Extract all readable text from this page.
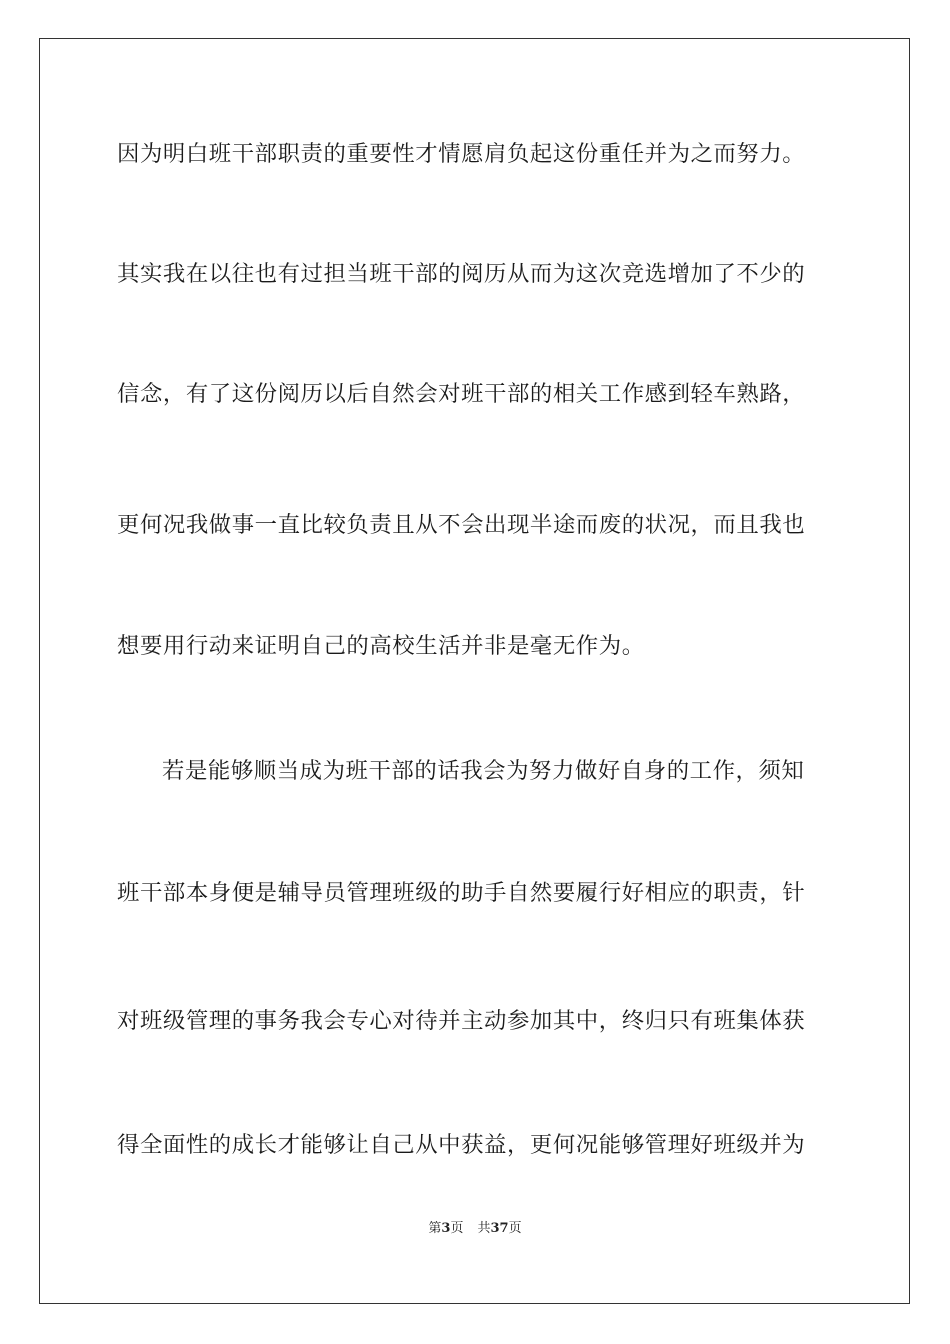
因为明白班干部职责的重要性才情愿肩负起这份重任并为之而努力。
其实我在以往也有过担当班干部的阅历从而为这次竞选增加了不少的
信念，有了这份阅历以后自然会对班干部的相关工作感到轻车熟路，
更何况我做事一直比较负责且从不会出现半途而废的状况，而且我也
想要用行动来证明自己的高校生活并非是毫无作为。
若是能够顺当成为班干部的话我会为努力做好自身的工作，须知
班干部本身便是辅导员管理班级的助手自然要履行好相应的职责，针
对班级管理的事务我会专心对待并主动参加其中，终归只有班集体获
得全面性的成长才能够让自己从中获益，更何况能够管理好班级并为
第3页 共37页
